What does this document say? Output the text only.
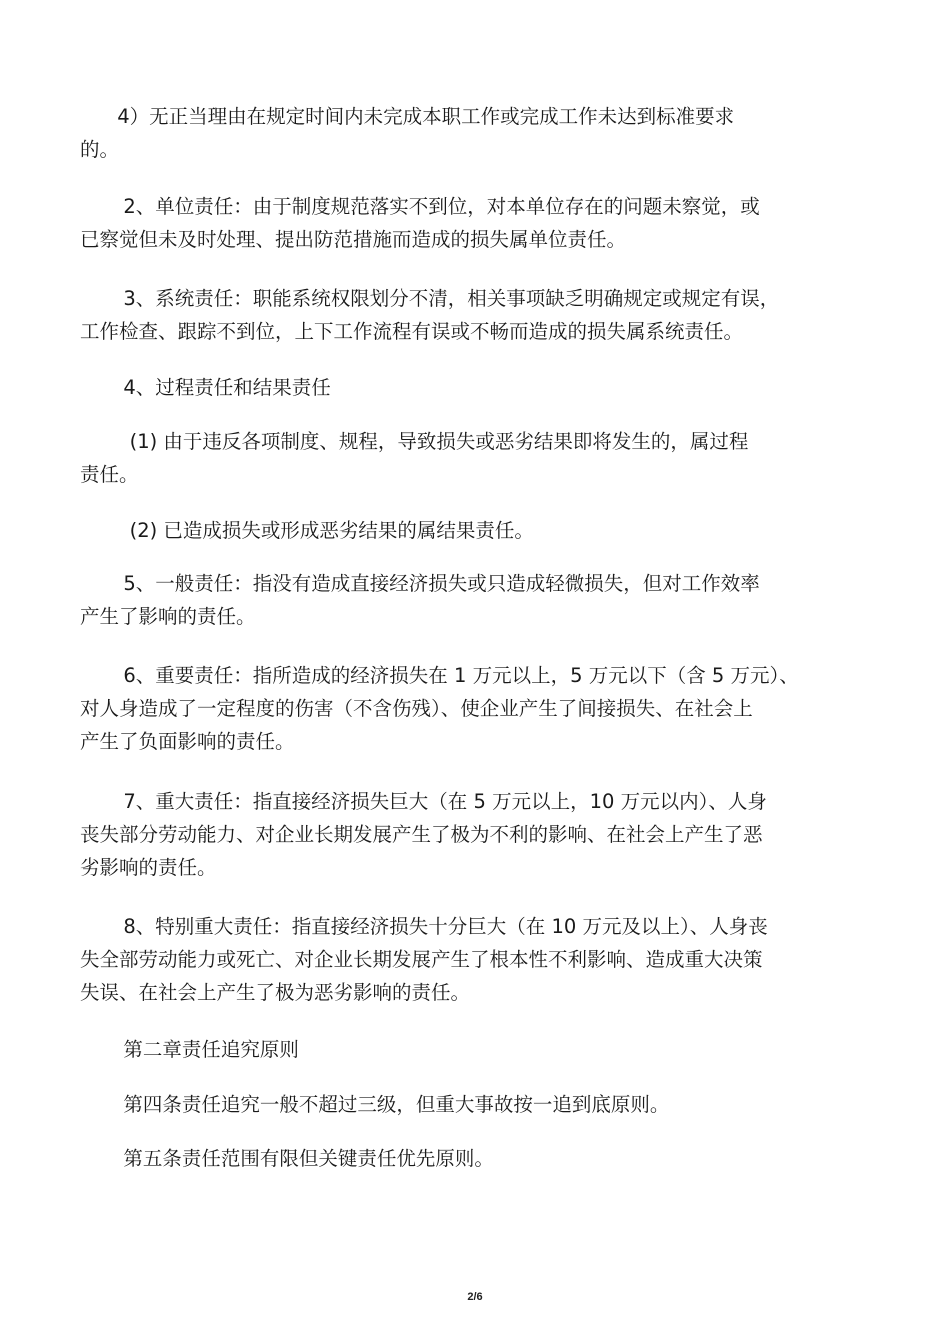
4）无正当理由在规定时间内未完成本职工作或完成工作未达到标准要求
的。
2、单位责任：由于制度规范落实不到位，对本单位存在的问题未察觉，或
已察觉但未及时处理、提出防范措施而造成的损失属单位责任。
3、系统责任：职能系统权限划分不清，相关事项缺乏明确规定或规定有误，
工作检查、跟踪不到位，上下工作流程有误或不畅而造成的损失属系统责任。
4、过程责任和结果责任
(1) 由于违反各项制度、规程，导致损失或恶劣结果即将发生的，属过程
责任。
(2) 已造成损失或形成恶劣结果的属结果责任。
5、一般责任：指没有造成直接经济损失或只造成轻微损失，但对工作效率
产生了影响的责任。
6、重要责任：指所造成的经济损失在 1 万元以上，5 万元以下（含 5 万元）、
对人身造成了一定程度的伤害（不含伤残）、使企业产生了间接损失、在社会上
产生了负面影响的责任。
7、重大责任：指直接经济损失巨大（在 5 万元以上，10 万元以内）、人身
丧失部分劳动能力、对企业长期发展产生了极为不利的影响、在社会上产生了恶
劣影响的责任。
8、特别重大责任：指直接经济损失十分巨大（在 10 万元及以上）、人身丧
失全部劳动能力或死亡、对企业长期发展产生了根本性不利影响、造成重大决策
失误、在社会上产生了极为恶劣影响的责任。
第二章责任追究原则
第四条责任追究一般不超过三级，但重大事故按一追到底原则。
第五条责任范围有限但关键责任优先原则。
2/6
